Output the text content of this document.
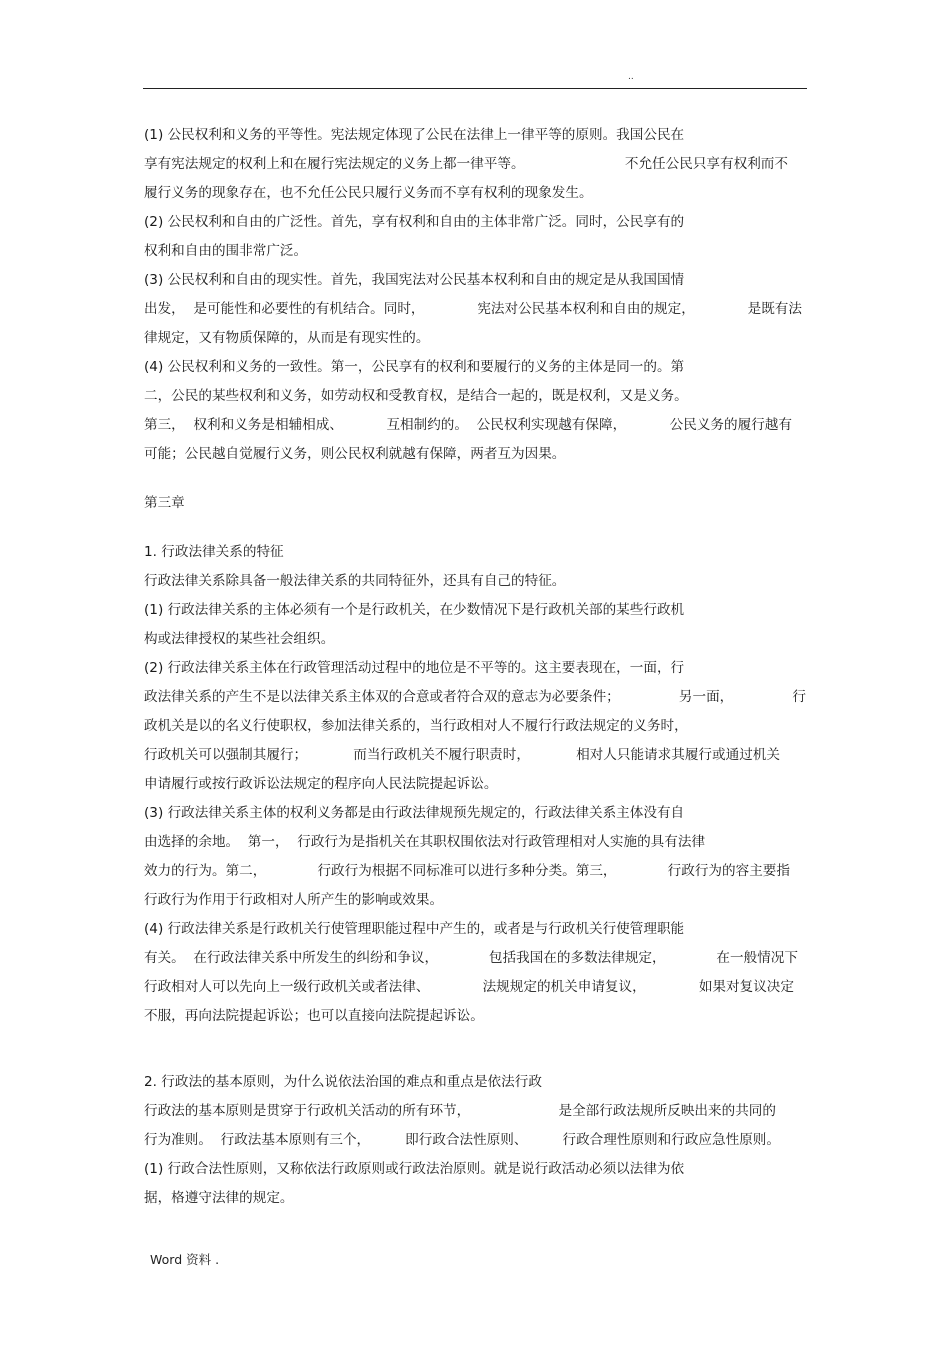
..
(1) 公民权利和义务的平等性。宪法规定体现了公民在法律上一律平等的原则。我国公民在
享有宪法规定的权利上和在履行宪法规定的义务上都一律平等。	不允任公民只享有权利而不
履行义务的现象存在，也不允任公民只履行义务而不享有权利的现象发生。
(2) 公民权利和自由的广泛性。首先，享有权利和自由的主体非常广泛。同时，公民享有的
权利和自由的围非常广泛。
(3) 公民权利和自由的现实性。首先，我国宪法对公民基本权利和自由的规定是从我国国情
出发，  是可能性和必要性的有机结合。同时，	宪法对公民基本权利和自由的规定，	是既有法
律规定，又有物质保障的，从而是有现实性的。
(4) 公民权利和义务的一致性。第一，公民享有的权利和要履行的义务的主体是同一的。第
二，公民的某些权利和义务，如劳动权和受教育权，是结合一起的，既是权利，又是义务。
第三，  权利和义务是相辅相成、	互相制约的。  公民权利实现越有保障，	公民义务的履行越有
可能；公民越自觉履行义务，则公民权利就越有保障，两者互为因果。
第三章
1. 行政法律关系的特征
行政法律关系除具备一般法律关系的共同特征外，还具有自己的特征。
(1) 行政法律关系的主体必须有一个是行政机关，在少数情况下是行政机关部的某些行政机
构或法律授权的某些社会组织。
(2) 行政法律关系主体在行政管理活动过程中的地位是不平等的。这主要表现在，一面，行
政法律关系的产生不是以法律关系主体双的合意或者符合双的意志为必要条件；	另一面，	行
政机关是以的名义行使职权，参加法律关系的，当行政相对人不履行行政法规定的义务时，
行政机关可以强制其履行；	而当行政机关不履行职责时，	相对人只能请求其履行或通过机关
申请履行或按行政诉讼法规定的程序向人民法院提起诉讼。
(3) 行政法律关系主体的权利义务都是由行政法律规预先规定的，行政法律关系主体没有自
由选择的余地。  第一，  行政行为是指机关在其职权围依法对行政管理相对人实施的具有法律
效力的行为。第二，	行政行为根据不同标准可以进行多种分类。第三，	行政行为的容主要指
行政行为作用于行政相对人所产生的影响或效果。
(4) 行政法律关系是行政机关行使管理职能过程中产生的，或者是与行政机关行使管理职能
有关。  在行政法律关系中所发生的纠纷和争议，	包括我国在的多数法律规定，	在一般情况下
行政相对人可以先向上一级行政机关或者法律、	法规规定的机关申请复议，	如果对复议决定
不服，再向法院提起诉讼；也可以直接向法院提起诉讼。
2. 行政法的基本原则，为什么说依法治国的难点和重点是依法行政
行政法的基本原则是贯穿于行政机关活动的所有环节，	是全部行政法规所反映出来的共同的
行为准则。  行政法基本原则有三个，	即行政合法性原则、	行政合理性原则和行政应急性原则。
(1) 行政合法性原则，又称依法行政原则或行政法治原则。就是说行政活动必须以法律为依
据，格遵守法律的规定。
Word 资料 .
